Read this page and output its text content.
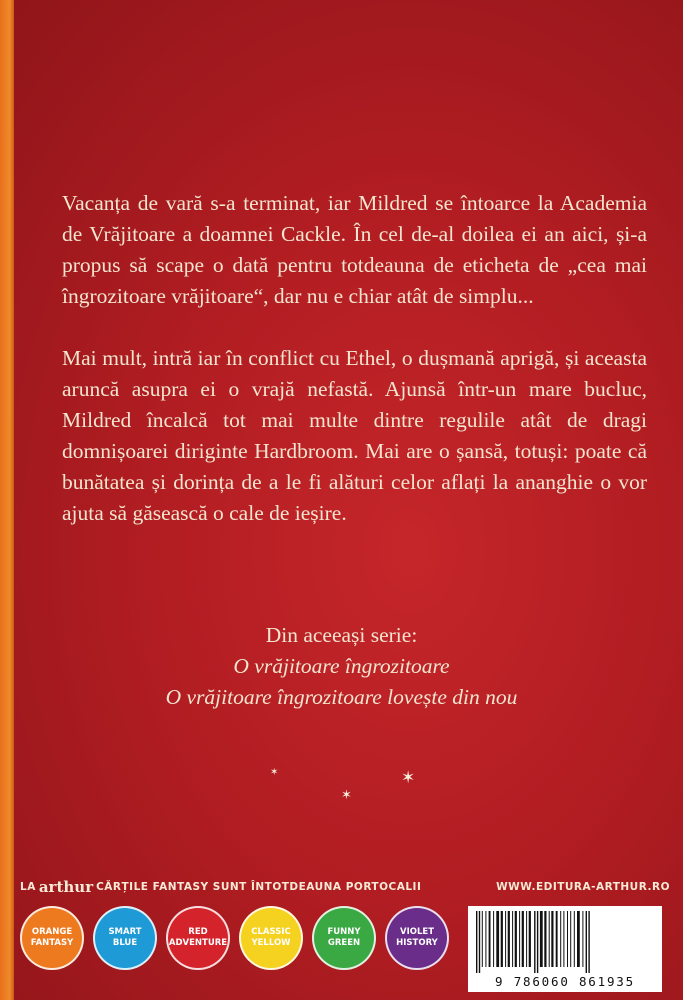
Vacanța de vară s-a terminat, iar Mildred se întoarce la Academia de Vrăjitoare a doamnei Cackle. În cel de-al doilea ei an aici, și-a propus să scape o dată pentru totdeauna de eticheta de „cea mai îngrozitoare vrăjitoare“, dar nu e chiar atât de simplu...

Mai mult, intră iar în conflict cu Ethel, o dușmană aprigă, și aceasta aruncă asupra ei o vrajă nefastă. Ajunsă într-un mare bucluc, Mildred încalcă tot mai multe dintre regulile atât de dragi domnișoarei diriginte Hardbroom. Mai are o șansă, totuși: poate că bunătatea și dorința de a le fi alături celor aflați la ananghie o vor ajuta să găsească o cale de ieșire.

Din aceeași serie:
O vrăjitoare îngrozitoare
O vrăjitoare îngrozitoare lovește din nou
✶
✶
✶
LA arthur CĂRȚILE FANTASY SUNT ÎNTOTDEAUNA PORTOCALII	WWW.EDITURA-ARTHUR.RO
ORANGE
FANTASY
SMART
BLUE
RED
ADVENTURE
CLASSIC
YELLOW
FUNNY
GREEN
VIOLET
HISTORY
9 786060 861935
